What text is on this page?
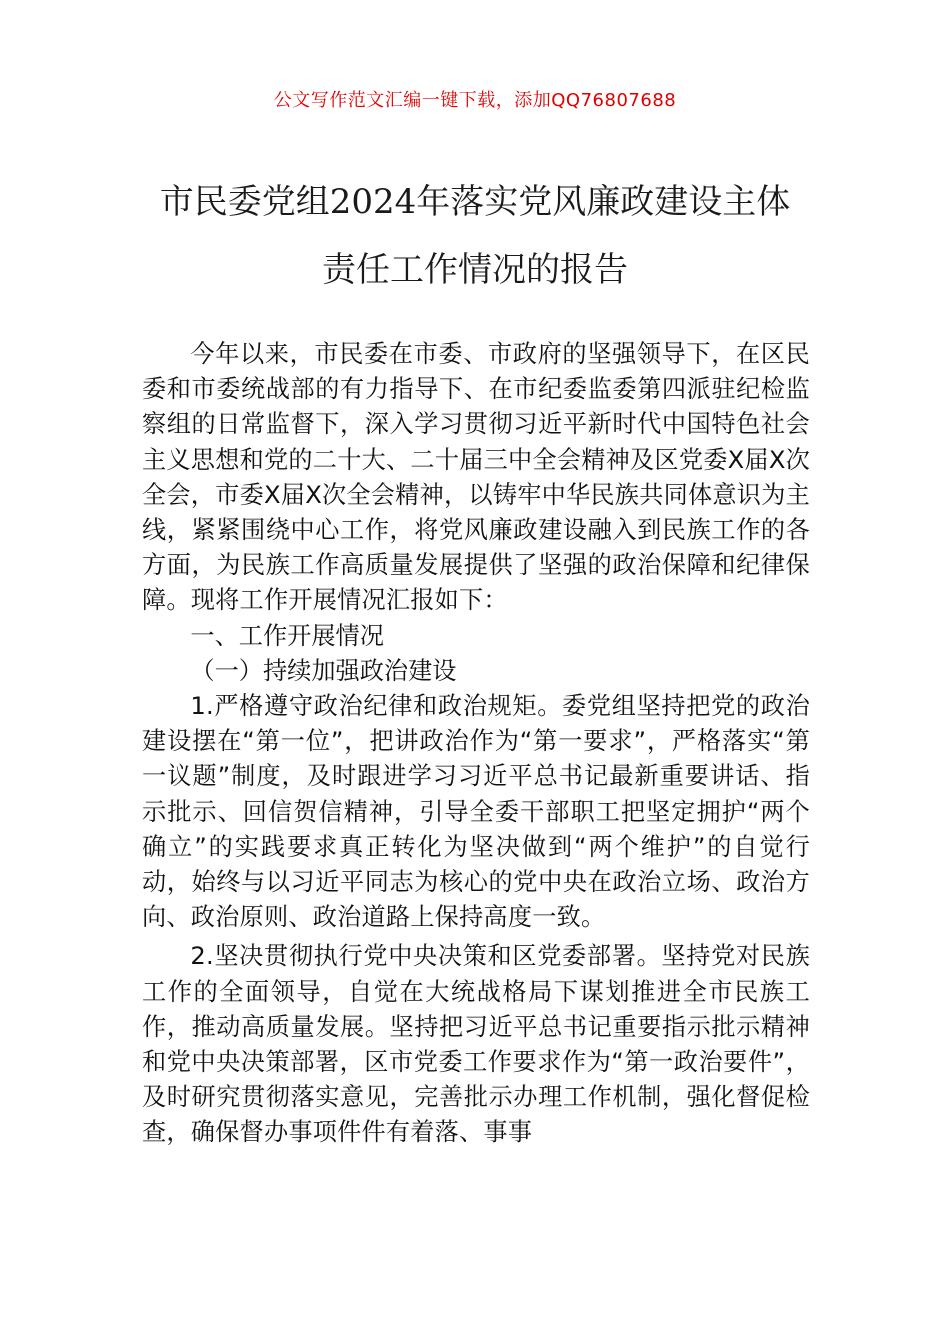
公文写作范文汇编一键下载，添加QQ76807688
市民委党组2024年落实党风廉政建设主体
责任工作情况的报告

今年以来，市民委在市委、市政府的坚强领导下，在区民委和市委统战部的有力指导下、在市纪委监委第四派驻纪检监察组的日常监督下，深入学习贯彻习近平新时代中国特色社会主义思想和党的二十大、二十届三中全会精神及区党委X届X次全会，市委X届X次全会精神，以铸牢中华民族共同体意识为主线，紧紧围绕中心工作，将党风廉政建设融入到民族工作的各方面，为民族工作高质量发展提供了坚强的政治保障和纪律保障。现将工作开展情况汇报如下：

一、工作开展情况

（一）持续加强政治建设

1.严格遵守政治纪律和政治规矩。委党组坚持把党的政治建设摆在“第一位”，把讲政治作为“第一要求”，严格落实“第一议题”制度，及时跟进学习习近平总书记最新重要讲话、指示批示、回信贺信精神，引导全委干部职工把坚定拥护“两个确立”的实践要求真正转化为坚决做到“两个维护”的自觉行动，始终与以习近平同志为核心的党中央在政治立场、政治方向、政治原则、政治道路上保持高度一致。

2.坚决贯彻执行党中央决策和区党委部署。坚持党对民族工作的全面领导，自觉在大统战格局下谋划推进全市民族工作，推动高质量发展。坚持把习近平总书记重要指示批示精神和党中央决策部署，区市党委工作要求作为“第一政治要件”，及时研究贯彻落实意见，完善批示办理工作机制，强化督促检查，确保督办事项件件有着落、事事
